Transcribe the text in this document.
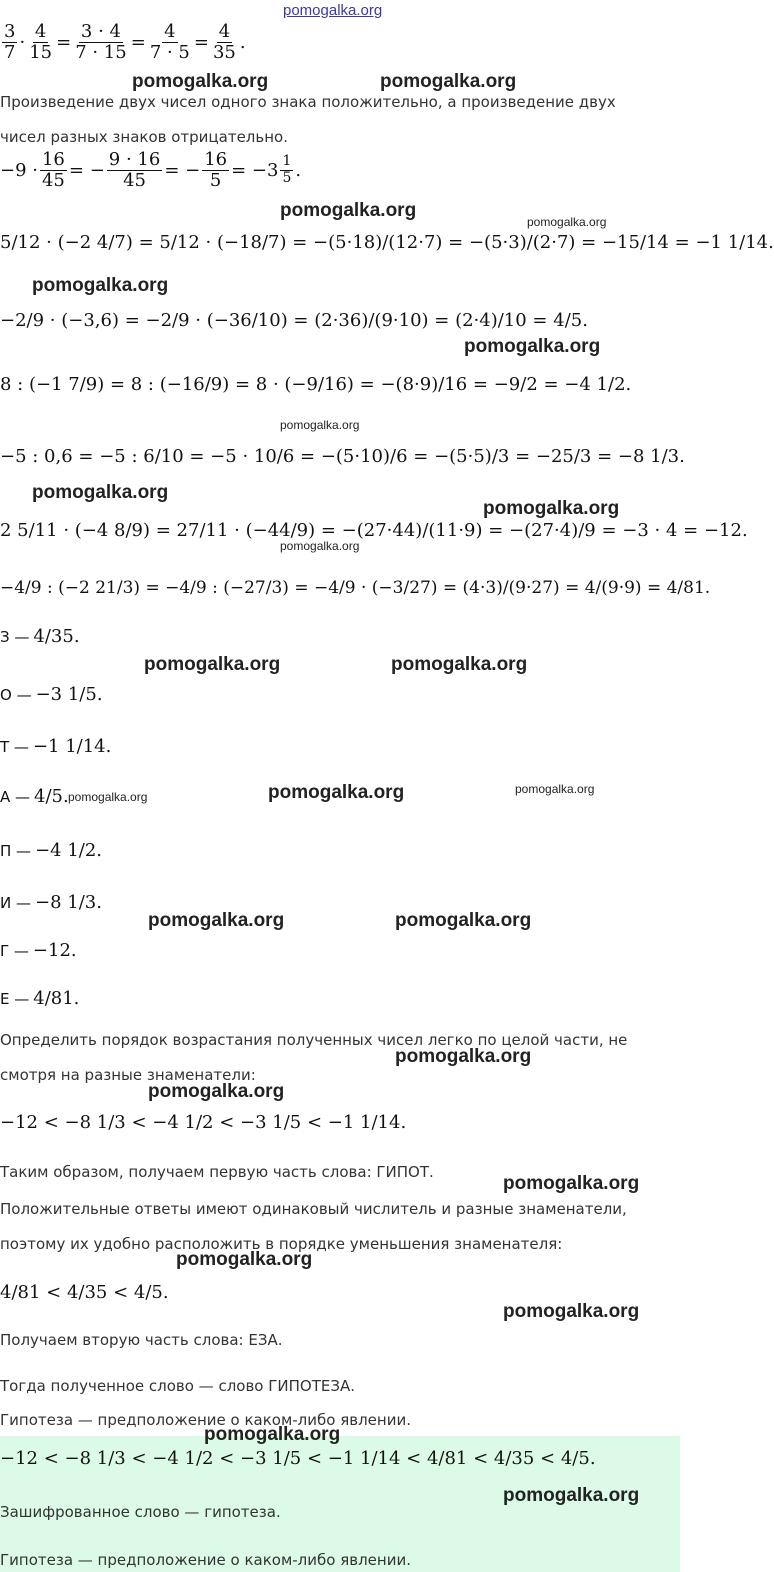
pomogalka.org
$\frac{3}{7} \cdot \frac{4}{15} = \frac{3 \cdot 4}{7 \cdot 15} = \frac{4}{7 \cdot 5} = \frac{4}{35}$ .
pomogalka.org	pomogalka.org
Произведение двух чисел одного знака положительно, а произведение двух
чисел разных знаков отрицательно.
$-9 \cdot \frac{16}{45}$ = − $\frac{9 \cdot 16}{45}$ = − $\frac{16}{5} = -3 \frac{1}{5}$ .
pomogalka.org
pomogalka.org
5/12 · (−2 4/7) = 5/12 · (−18/7) = −(5·18)/(12·7) = −(5·3)/(2·7) = −15/14 = −1 1/14.
pomogalka.org
−2/9 · (−3,6) = −2/9 · (−36/10) = (2·36)/(9·10) = (2·4)/10 = 4/5.
pomogalka.org
8 : (−1 7/9) = 8 : (−16/9) = 8 · (−9/16) = −(8·9)/16 = −9/2 = −4 1/2.
pomogalka.org
−5 : 0,6 = −5 : 6/10 = −5 · 10/6 = −(5·10)/6 = −(5·5)/3 = −25/3 = −8 1/3.
pomogalka.org
pomogalka.org
2 5/11 · (−4 8/9) = 27/11 · (−44/9) = −(27·44)/(11·9) = −(27·4)/9 = −3 · 4 = −12.
pomogalka.org
−4/9 : (−2 21/3) = −4/9 : (−27/3) = −4/9 · (−3/27) = (4·3)/(9·27) = 4/(9·9) = 4/81.
З — 4/35 .
pomogalka.org	pomogalka.org
О — −3 1/5 .
Т — −1 1/14 .
А — 4/5 . pomogalka.org	pomogalka.org	pomogalka.org
П — −4 1/2 .
И — −8 1/3 .
pomogalka.org	pomogalka.org
Г — −12 .
Е — 4/81 .
Определить порядок возрастания полученных чисел легко по целой части, не
pomogalka.org
смотря на разные знаменатели:
pomogalka.org
−12 < −8 1/3 < −4 1/2 < −3 1/5 < −1 1/14.
Таким образом, получаем первую часть слова: ГИПОТ.
pomogalka.org
Положительные ответы имеют одинаковый числитель и разные знаменатели,
поэтому их удобно расположить в порядке уменьшения знаменателя:
pomogalka.org
4/81 < 4/35 < 4/5.
pomogalka.org
Получаем вторую часть слова: ЕЗА.
Тогда полученное слово — слово ГИПОТЕЗА.
Гипотеза — предположение о каком-либо явлении.
pomogalka.org
−12 < −8 1/3 < −4 1/2 < −3 1/5 < −1 1/14 < 4/81 < 4/35 < 4/5.
pomogalka.org
Зашифрованное слово — гипотеза.
Гипотеза — предположение о каком-либо явлении.
